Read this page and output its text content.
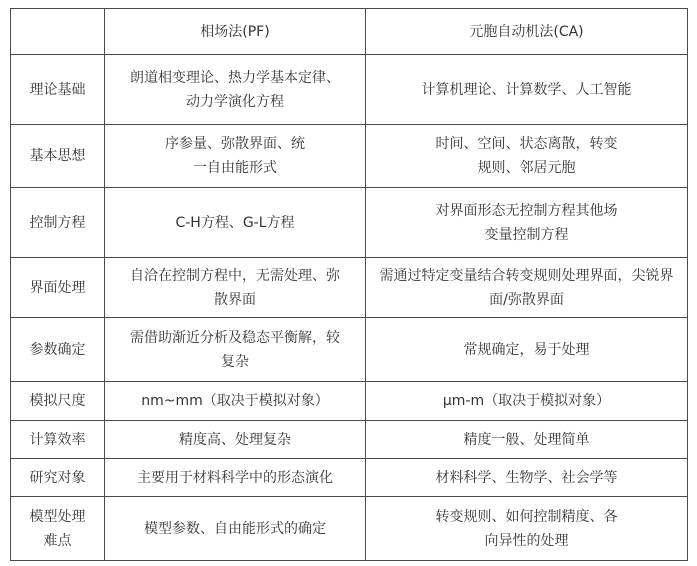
	相场法(PF)	元胞自动机法(CA)

理论基础	朗道相变理论、热力学基本定律、动力学演化方程	计算机理论、计算数学、人工智能

基本思想	序参量、弥散界面、统一自由能形式	时间、空间、状态离散，转变规则、邻居元胞

控制方程	C-H方程、G-L方程	对界面形态无控制方程其他场变量控制方程

界面处理	自洽在控制方程中，无需处理、弥散界面	需通过特定变量结合转变规则处理界面，尖锐界面/弥散界面

参数确定	需借助渐近分析及稳态平衡解，较复杂	常规确定，易于处理

模拟尺度	nm~mm（取决于模拟对象）	μm-m（取决于模拟对象）

计算效率	精度高、处理复杂	精度一般、处理简单

研究对象	主要用于材料科学中的形态演化	材料科学、生物学、社会学等

模型处理难点	模型参数、自由能形式的确定	转变规则、如何控制精度、各向异性的处理
